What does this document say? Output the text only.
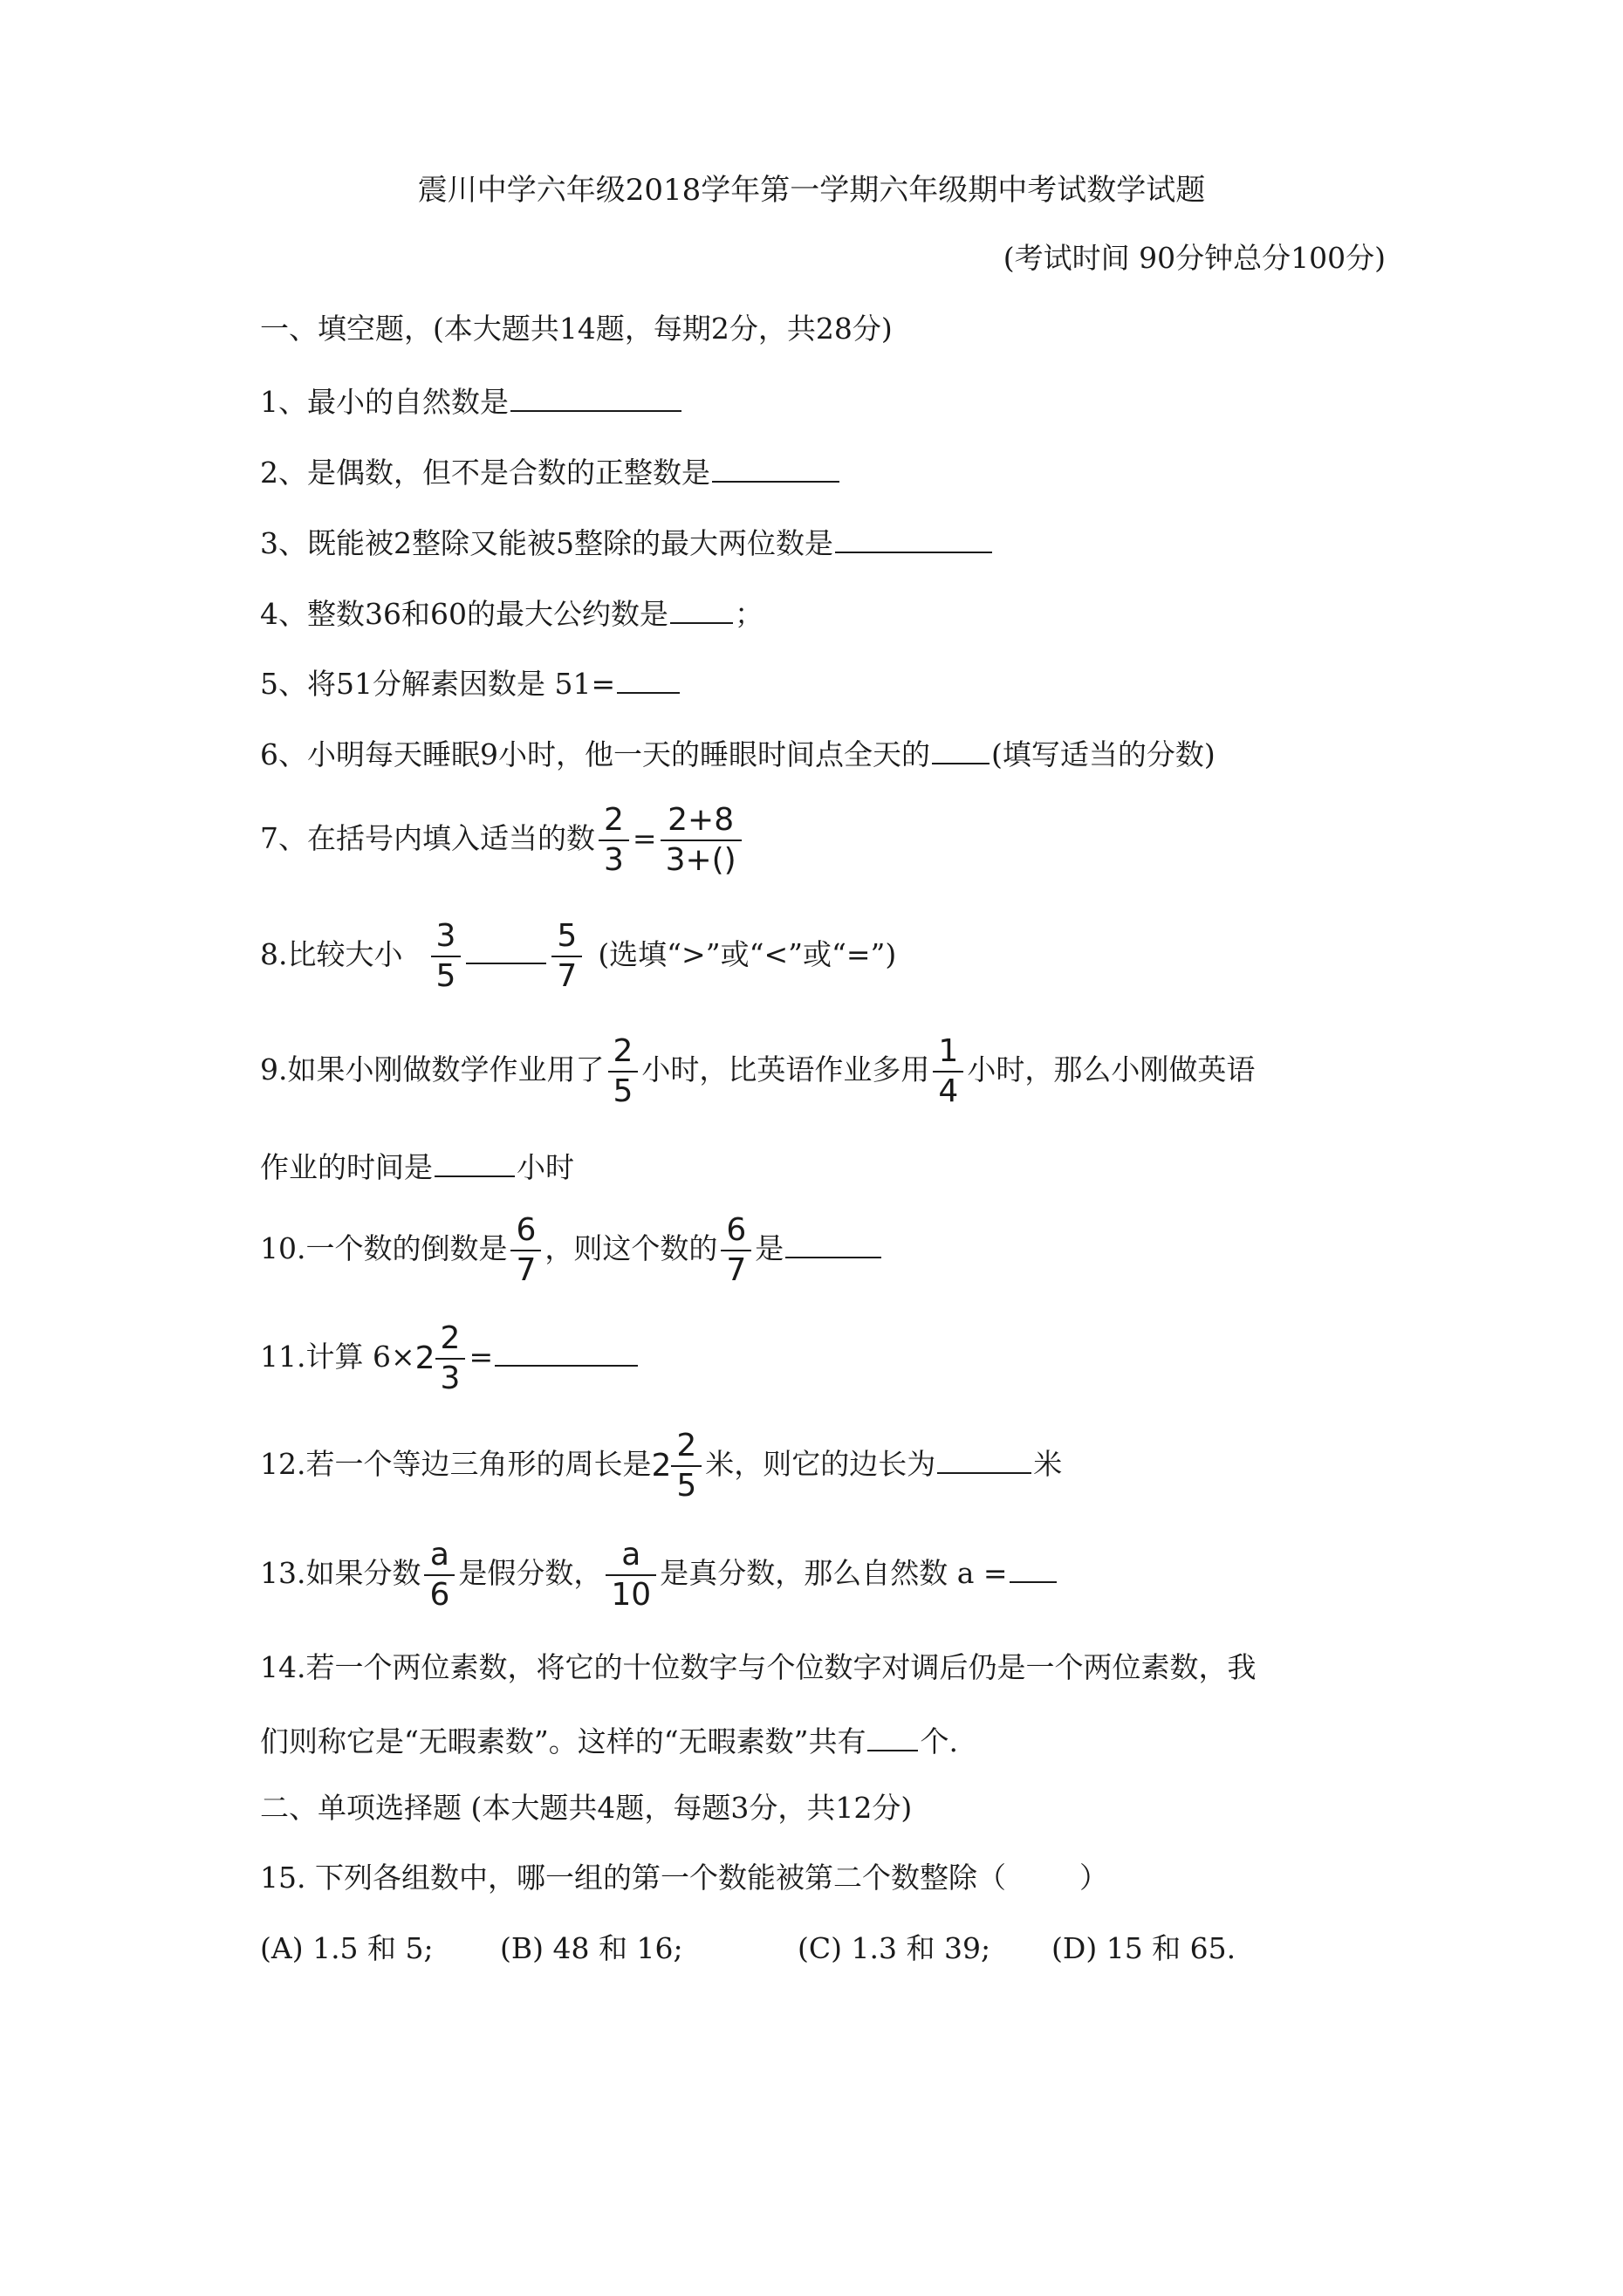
震川中学六年级2018学年第一学期六年级期中考试数学试题
(考试时间 90分钟总分100分)
一、填空题，(本大题共14题，每期2分，共28分)
1、最小的自然数是
2、是偶数，但不是合数的正整数是
3、既能被2整除又能被5整除的最大两位数是
4、整数36和60的最大公约数是 ；
5、将51分解素因数是 51=
6、小明每天睡眠9小时，他一天的睡眼时间点全天的 (填写适当的分数)
7、在括号内填入适当的数 $\frac{2}{3} = \frac{2+8}{3+()}$
8.比较大小 $\frac{3}{5}$	$\frac{5}{7}$ (选填“>”或“<”或“=”)
9.如果小刚做数学作业用了 $\frac{2}{5}$ 小时，比英语作业多用 $\frac{1}{4}$ 小时，那么小刚做英语
作业的时间是	小时
10.一个数的倒数是 $\frac{6}{7}$ ，则这个数的 $\frac{6}{7}$ 是
11.计算 $6\times 2 \frac{2}{3}$ =
12.若一个等边三角形的周长是$2 \frac{2}{5}$ 米，则它的边长为	米
13.如果分数 $\frac{a}{6}$ 是假分数， $\frac{a}{10}$ 是真分数，那么自然数 a =
14.若一个两位素数，将它的十位数字与个位数字对调后仍是一个两位素数，我
们则称它是“无暇素数”。这样的“无暇素数”共有 个.
二、单项选择题 (本大题共4题，每题3分，共12分)
15. 下列各组数中，哪一组的第一个数能被第二个数整除（	）
(A) 1.5 和 5; (B) 48 和 16;	(C) 1.3 和 39; (D) 15 和 65.
